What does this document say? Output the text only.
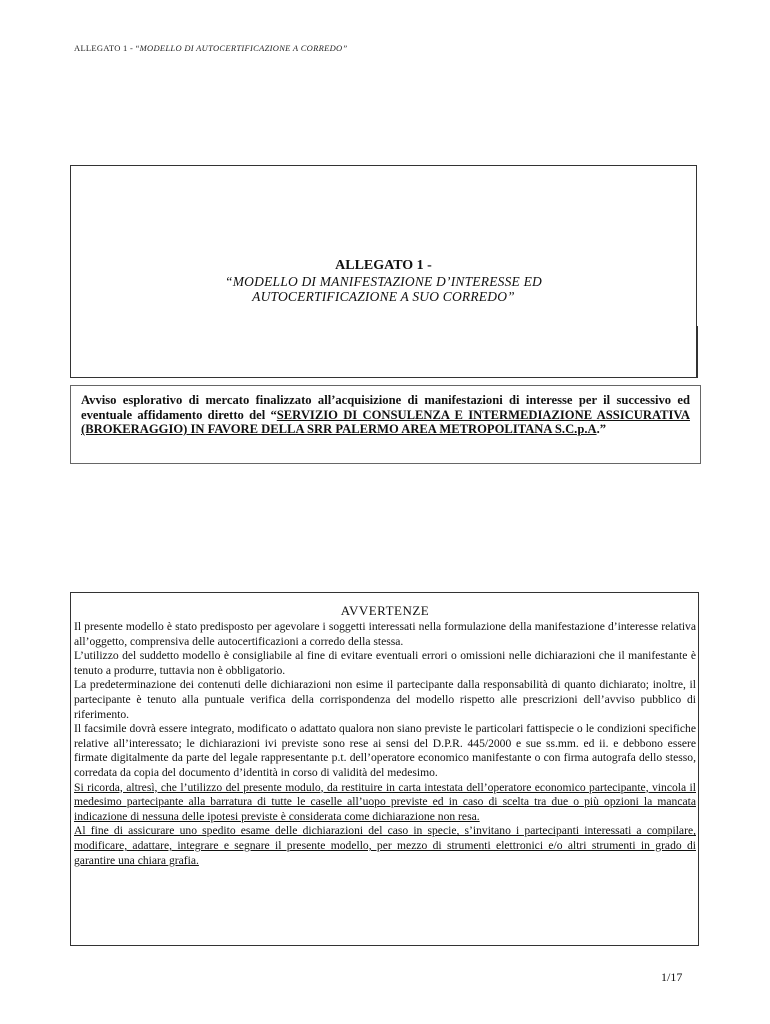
ALLEGATO 1 - “MODELLO DI AUTOCERTIFICAZIONE A CORREDO”
ALLEGATO 1 -
“MODELLO DI MANIFESTAZIONE D’INTERESSE ED
AUTOCERTIFICAZIONE A SUO CORREDO”
Avviso esplorativo di mercato finalizzato all’acquisizione di manifestazioni di interesse per il successivo ed eventuale affidamento diretto del “SERVIZIO DI CONSULENZA E INTERMEDIAZIONE ASSICURATIVA (BROKERAGGIO) IN FAVORE DELLA SRR PALERMO AREA METROPOLITANA S.C.p.A.”
AVVERTENZE

Il presente modello è stato predisposto per agevolare i soggetti interessati nella formulazione della manifestazione d’interesse relativa all’oggetto, comprensiva delle autocertificazioni a corredo della stessa.

L’utilizzo del suddetto modello è consigliabile al fine di evitare eventuali errori o omissioni nelle dichiarazioni che il manifestante è tenuto a produrre, tuttavia non è obbligatorio.

La predeterminazione dei contenuti delle dichiarazioni non esime il partecipante dalla responsabilità di quanto dichiarato; inoltre, il partecipante è tenuto alla puntuale verifica della corrispondenza del modello rispetto alle prescrizioni dell’avviso pubblico di riferimento.

Il facsimile dovrà essere integrato, modificato o adattato qualora non siano previste le particolari fattispecie o le condizioni specifiche relative all’interessato; le dichiarazioni ivi previste sono rese ai sensi del D.P.R. 445/2000 e sue ss.mm. ed ii. e debbono essere firmate digitalmente da parte del legale rappresentante p.t. dell’operatore economico manifestante o con firma autografa dello stesso, corredata da copia del documento d’identità in corso di validità del medesimo.

Si ricorda, altresì, che l’utilizzo del presente modulo, da restituire in carta intestata dell’operatore economico partecipante, vincola il medesimo partecipante alla barratura di tutte le caselle all’uopo previste ed in caso di scelta tra due o più opzioni la mancata indicazione di nessuna delle ipotesi previste è considerata come dichiarazione non resa.

Al fine di assicurare uno spedito esame delle dichiarazioni del caso in specie, s’invitano i partecipanti interessati a compilare, modificare, adattare, integrare e segnare il presente modello, per mezzo di strumenti elettronici e/o altri strumenti in grado di garantire una chiara grafia.

1/17
